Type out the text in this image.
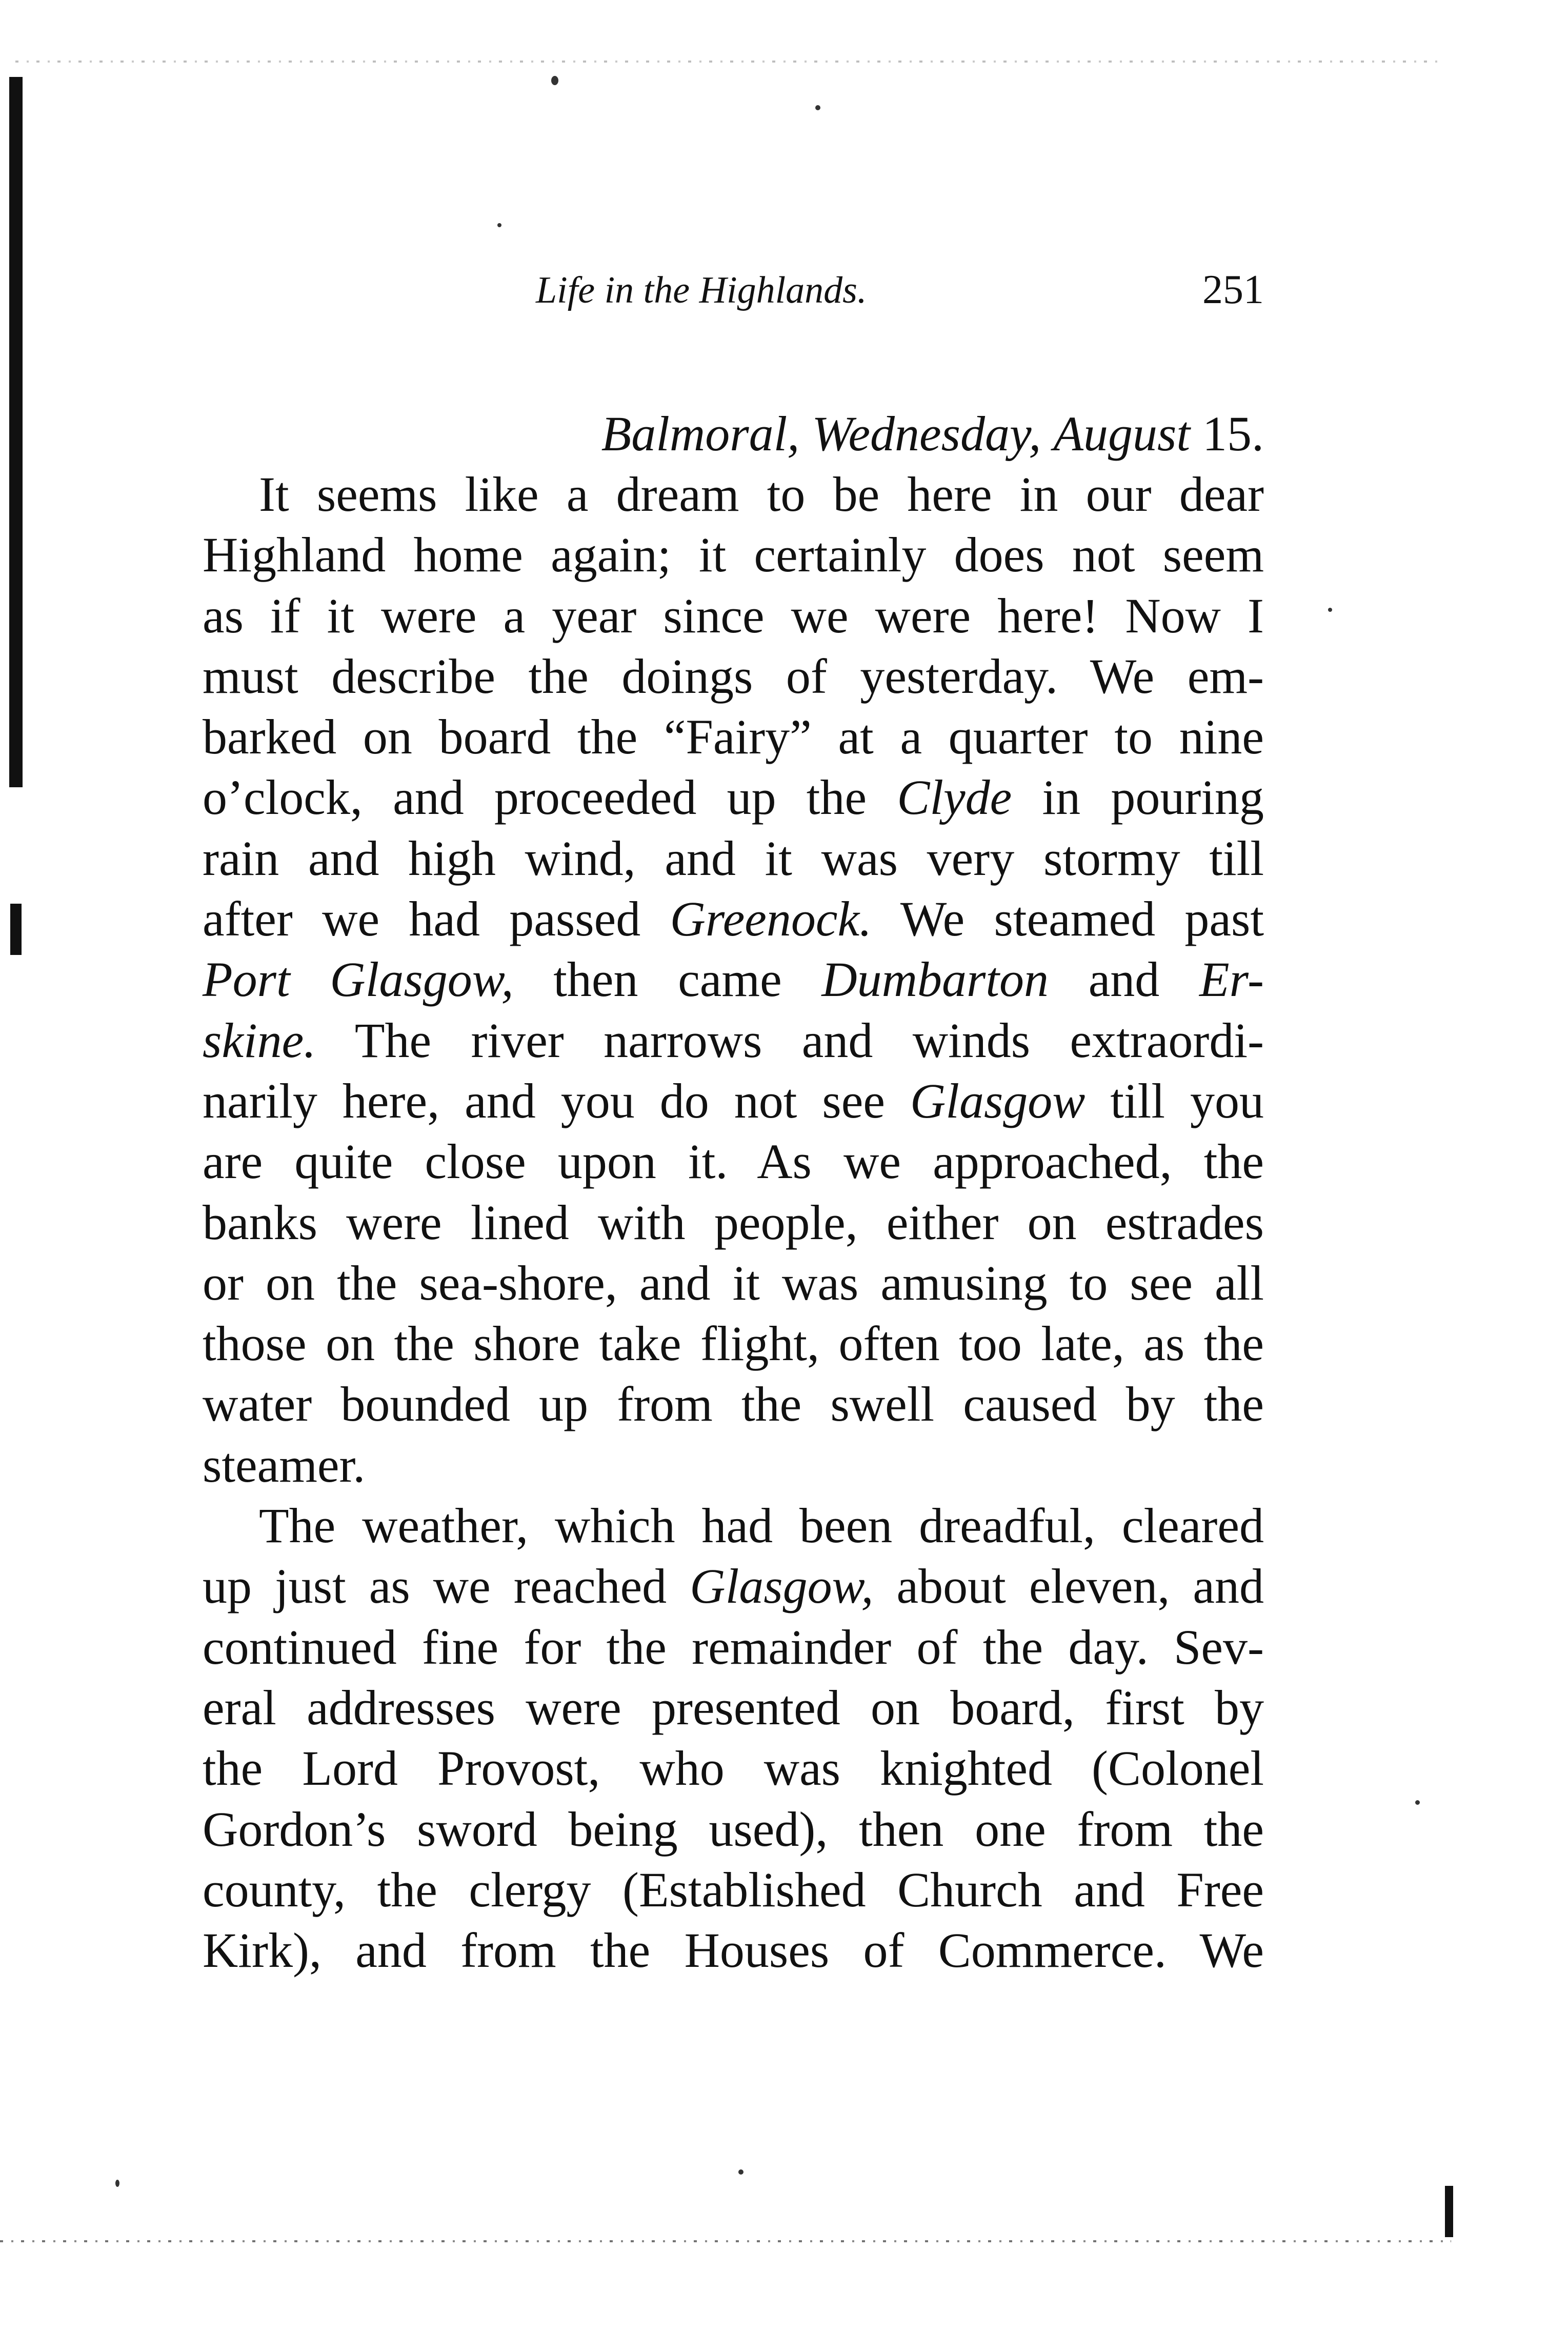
Life in the Highlands.	251
Balmoral, Wednesday, August 15.
It seems like a dream to be here in our dear
Highland home again; it certainly does not seem
as if it were a year since we were here! Now I
must describe the doings of yesterday. We em-
barked on board the “Fairy” at a quarter to nine
o’clock, and proceeded up the Clyde in pouring
rain and high wind, and it was very stormy till
after we had passed Greenock. We steamed past
Port Glasgow, then came Dumbarton and Er-
skine. The river narrows and winds extraordi-
narily here, and you do not see Glasgow till you
are quite close upon it. As we approached, the
banks were lined with people, either on estrades
or on the sea-shore, and it was amusing to see all
those on the shore take flight, often too late, as the
water bounded up from the swell caused by the
steamer.
The weather, which had been dreadful, cleared
up just as we reached Glasgow, about eleven, and
continued fine for the remainder of the day. Sev-
eral addresses were presented on board, first by
the Lord Provost, who was knighted (Colonel
Gordon’s sword being used), then one from the
county, the clergy (Established Church and Free
Kirk), and from the Houses of Commerce. We
